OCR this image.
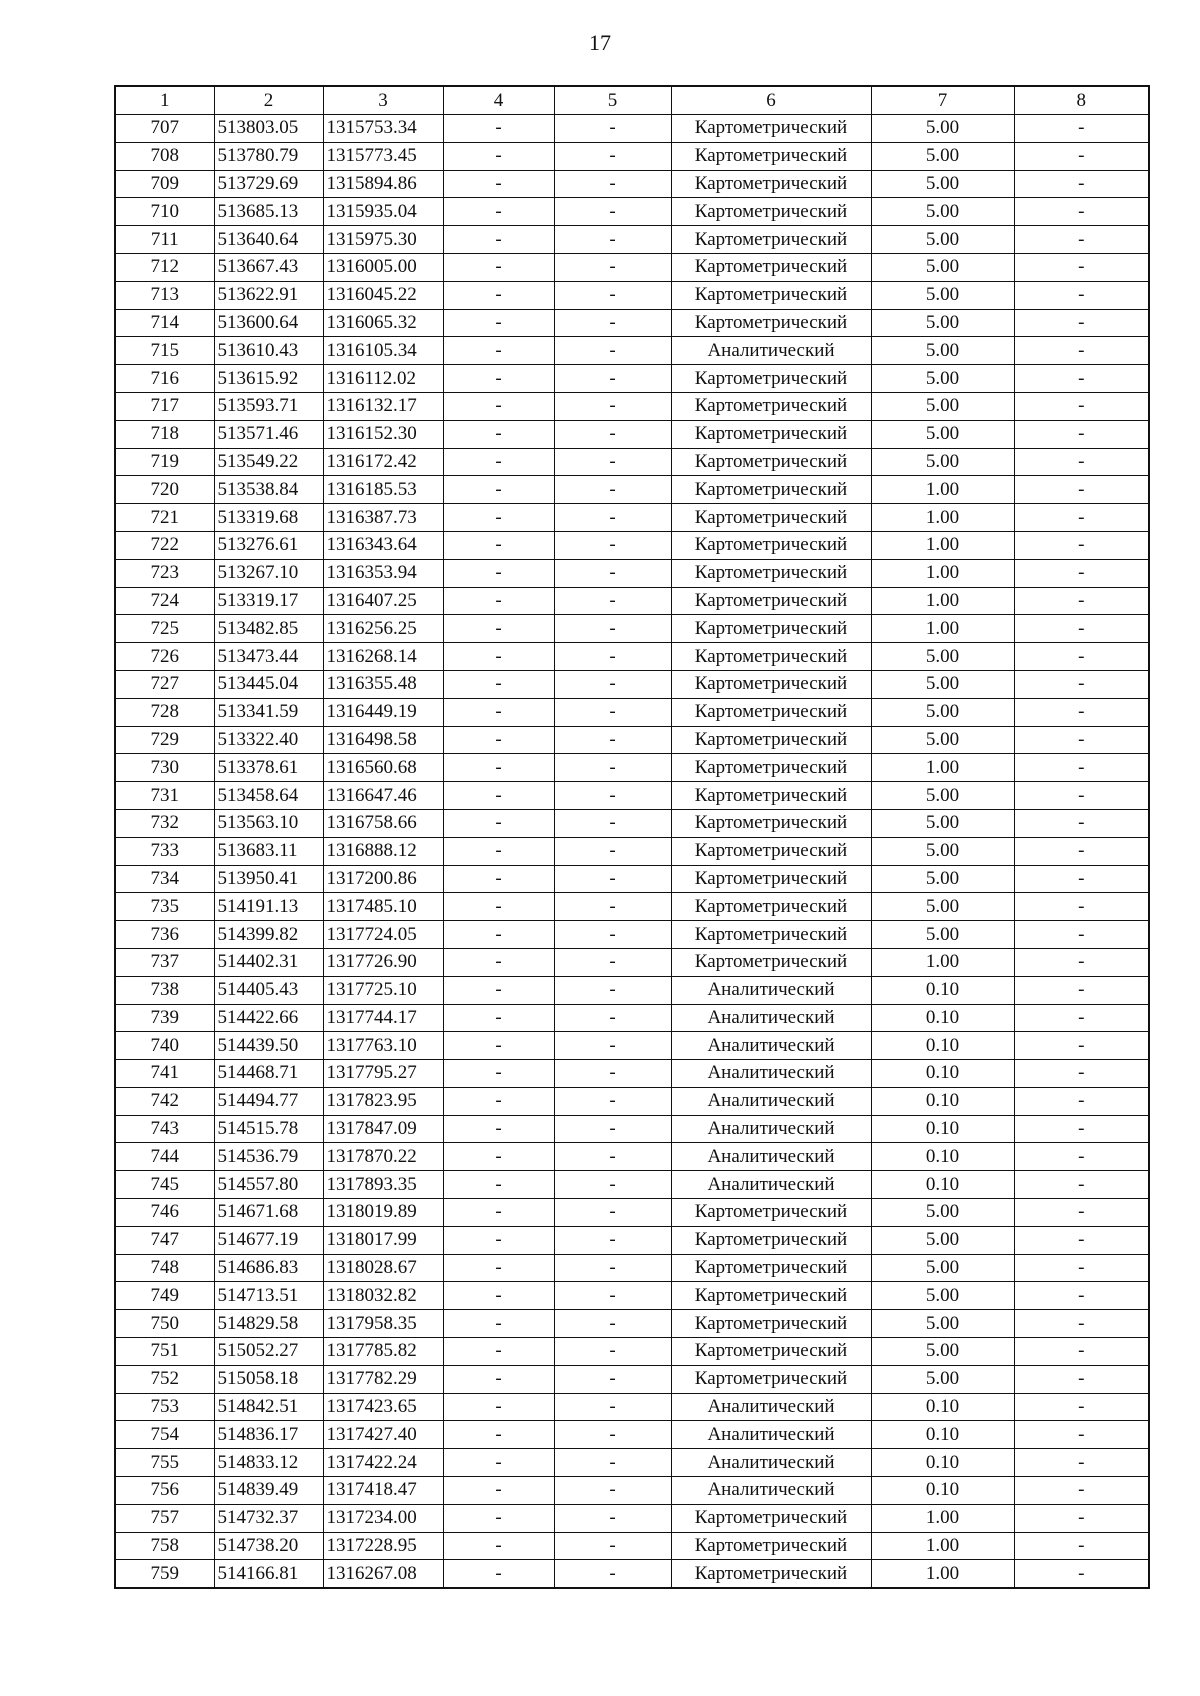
17
1	2	3	4	5	6	7	8
707	513803.05	1315753.34	-	-	Картометрический	5.00	-
708	513780.79	1315773.45	-	-	Картометрический	5.00	-
709	513729.69	1315894.86	-	-	Картометрический	5.00	-
710	513685.13	1315935.04	-	-	Картометрический	5.00	-
711	513640.64	1315975.30	-	-	Картометрический	5.00	-
712	513667.43	1316005.00	-	-	Картометрический	5.00	-
713	513622.91	1316045.22	-	-	Картометрический	5.00	-
714	513600.64	1316065.32	-	-	Картометрический	5.00	-
715	513610.43	1316105.34	-	-	Аналитический	5.00	-
716	513615.92	1316112.02	-	-	Картометрический	5.00	-
717	513593.71	1316132.17	-	-	Картометрический	5.00	-
718	513571.46	1316152.30	-	-	Картометрический	5.00	-
719	513549.22	1316172.42	-	-	Картометрический	5.00	-
720	513538.84	1316185.53	-	-	Картометрический	1.00	-
721	513319.68	1316387.73	-	-	Картометрический	1.00	-
722	513276.61	1316343.64	-	-	Картометрический	1.00	-
723	513267.10	1316353.94	-	-	Картометрический	1.00	-
724	513319.17	1316407.25	-	-	Картометрический	1.00	-
725	513482.85	1316256.25	-	-	Картометрический	1.00	-
726	513473.44	1316268.14	-	-	Картометрический	5.00	-
727	513445.04	1316355.48	-	-	Картометрический	5.00	-
728	513341.59	1316449.19	-	-	Картометрический	5.00	-
729	513322.40	1316498.58	-	-	Картометрический	5.00	-
730	513378.61	1316560.68	-	-	Картометрический	1.00	-
731	513458.64	1316647.46	-	-	Картометрический	5.00	-
732	513563.10	1316758.66	-	-	Картометрический	5.00	-
733	513683.11	1316888.12	-	-	Картометрический	5.00	-
734	513950.41	1317200.86	-	-	Картометрический	5.00	-
735	514191.13	1317485.10	-	-	Картометрический	5.00	-
736	514399.82	1317724.05	-	-	Картометрический	5.00	-
737	514402.31	1317726.90	-	-	Картометрический	1.00	-
738	514405.43	1317725.10	-	-	Аналитический	0.10	-
739	514422.66	1317744.17	-	-	Аналитический	0.10	-
740	514439.50	1317763.10	-	-	Аналитический	0.10	-
741	514468.71	1317795.27	-	-	Аналитический	0.10	-
742	514494.77	1317823.95	-	-	Аналитический	0.10	-
743	514515.78	1317847.09	-	-	Аналитический	0.10	-
744	514536.79	1317870.22	-	-	Аналитический	0.10	-
745	514557.80	1317893.35	-	-	Аналитический	0.10	-
746	514671.68	1318019.89	-	-	Картометрический	5.00	-
747	514677.19	1318017.99	-	-	Картометрический	5.00	-
748	514686.83	1318028.67	-	-	Картометрический	5.00	-
749	514713.51	1318032.82	-	-	Картометрический	5.00	-
750	514829.58	1317958.35	-	-	Картометрический	5.00	-
751	515052.27	1317785.82	-	-	Картометрический	5.00	-
752	515058.18	1317782.29	-	-	Картометрический	5.00	-
753	514842.51	1317423.65	-	-	Аналитический	0.10	-
754	514836.17	1317427.40	-	-	Аналитический	0.10	-
755	514833.12	1317422.24	-	-	Аналитический	0.10	-
756	514839.49	1317418.47	-	-	Аналитический	0.10	-
757	514732.37	1317234.00	-	-	Картометрический	1.00	-
758	514738.20	1317228.95	-	-	Картометрический	1.00	-
759	514166.81	1316267.08	-	-	Картометрический	1.00	-
